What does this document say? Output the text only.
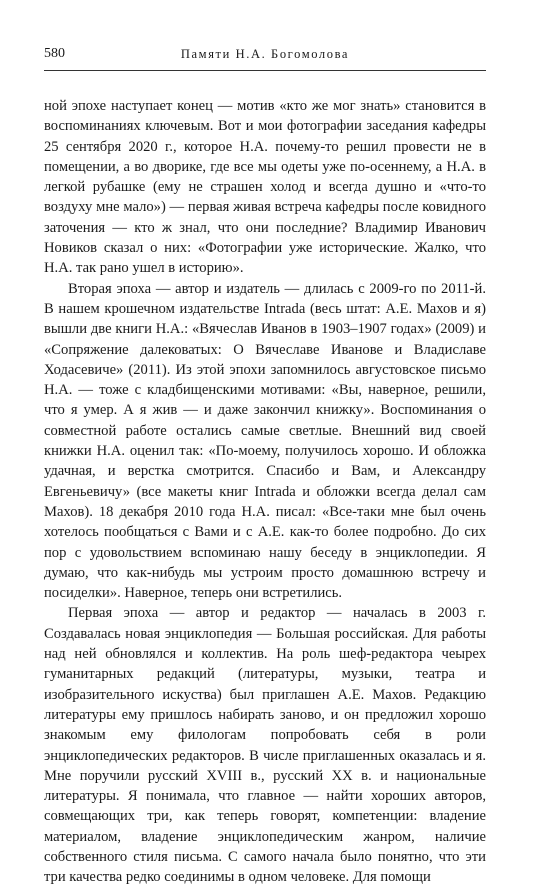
580	Памяти Н.А. Богомолова

ной эпохе наступает конец — мотив «кто же мог знать» становится в воспоминаниях ключевым. Вот и мои фотографии заседания кафедры 25 сентября 2020 г., которое Н.А. почему-то решил провести не в помещении, а во дворике, где все мы одеты уже по-осеннему, а Н.А. в легкой рубашке (ему не страшен холод и всегда душно и «что-то воздуху мне мало») — первая живая встреча кафедры после ковидного заточения — кто ж знал, что они последние? Владимир Иванович Новиков сказал о них: «Фотографии уже исторические. Жалко, что Н.А. так рано ушел в историю».

Вторая эпоха — автор и издатель — длилась с 2009-го по 2011-й. В нашем крошечном издательстве Intrada (весь штат: А.Е. Махов и я) вышли две книги Н.А.: «Вячеслав Иванов в 1903–1907 годах» (2009) и «Сопряжение далековатых: О Вячеславе Иванове и Владиславе Ходасевиче» (2011). Из этой эпохи запомнилось августовское письмо Н.А. — тоже с кладбищенскими мотивами: «Вы, наверное, решили, что я умер. А я жив — и даже закончил книжку». Воспоминания о совместной работе остались самые светлые. Внешний вид своей книжки Н.А. оценил так: «По-моему, получилось хорошо. И обложка удачная, и верстка смотрится. Спасибо и Вам, и Александру Евгеньевичу» (все макеты книг Intrada и обложки всегда делал сам Махов). 18 декабря 2010 года Н.А. писал: «Все-таки мне был очень хотелось пообщаться с Вами и с А.Е. как-то более подробно. До сих пор с удовольствием вспоминаю нашу беседу в энциклопедии. Я думаю, что как-нибудь мы устроим просто домашнюю встречу и посиделки». Наверное, теперь они встретились.

Первая эпоха — автор и редактор — началась в 2003 г. Создавалась новая энциклопедия — Большая российская. Для работы над ней обновлялся и коллектив. На роль шеф-редактора чеырех гуманитарных редакций (литературы, музыки, театра и изобразительного искуства) был приглашен А.Е. Махов. Редакцию литературы ему пришлось набирать заново, и он предложил хорошо знакомым ему филологам попробовать себя в роли энциклопедических редакторов. В числе приглашенных оказалась и я. Мне поручили русский XVIII в., русский XX в. и национальные литературы. Я понимала, что главное — найти хороших авторов, совмещающих три, как теперь говорят, компетенции: владение материалом, владение энциклопедическим жанром, наличие собственного стиля письма. С самого начала было понятно, что эти три качества редко соединимы в одном человеке. Для помощи
